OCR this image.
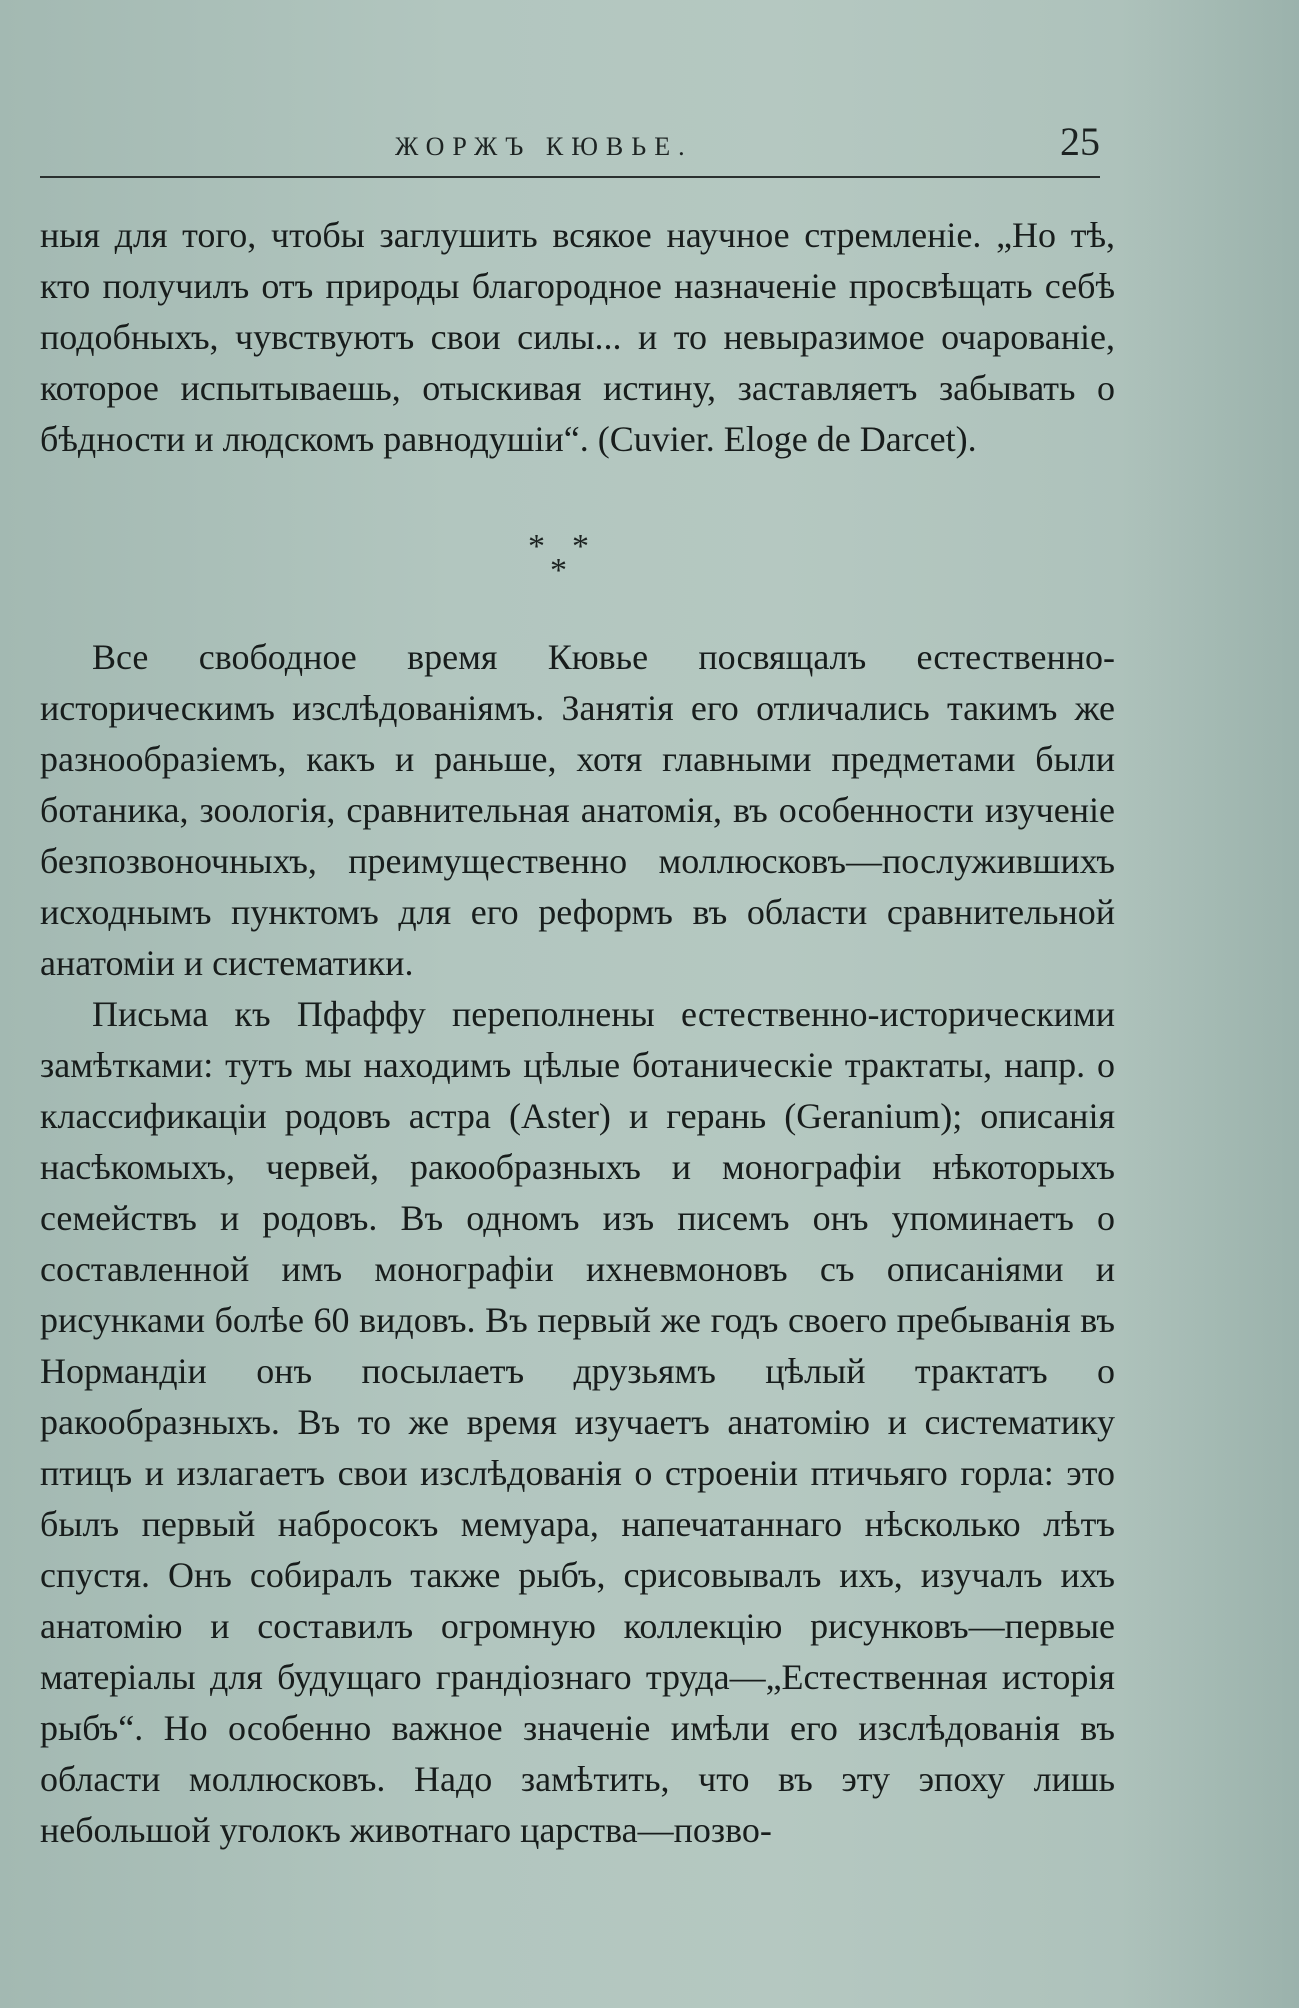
ЖОРЖЪ КЮВЬЕ.	25

ныя для того, чтобы заглушить всякое научное стремленіе. „Но тѣ, кто получилъ отъ природы благородное назначеніе просвѣщать себѣ подобныхъ, чувствуютъ свои силы... и то невыразимое очарованіе, которое испытываешь, отыскивая истину, заставляетъ забывать о бѣдности и людскомъ равнодушіи“. (Cuvier. Eloge de Darcet).

* *
*

Все свободное время Кювье посвящалъ естественно-историческимъ изслѣдованіямъ. Занятія его отличались такимъ же разнообразіемъ, какъ и раньше, хотя главными предметами были ботаника, зоологія, сравнительная анатомія, въ особенности изученіе безпозвоночныхъ, преимущественно моллюсковъ—послужившихъ исходнымъ пунктомъ для его реформъ въ области сравнительной анатоміи и систематики.

Письма къ Пфаффу переполнены естественно-историческими замѣтками: тутъ мы находимъ цѣлые ботаническіе трактаты, напр. о классификаціи родовъ астра (Aster) и герань (Geranium); описанія насѣкомыхъ, червей, ракообразныхъ и монографіи нѣкоторыхъ семействъ и родовъ. Въ одномъ изъ писемъ онъ упоминаетъ о составленной имъ монографіи ихневмоновъ съ описаніями и рисунками болѣе 60 видовъ. Въ первый же годъ своего пребыванія въ Нормандіи онъ посылаетъ друзьямъ цѣлый трактатъ о ракообразныхъ. Въ то же время изучаетъ анатомію и систематику птицъ и излагаетъ свои изслѣдованія о строеніи птичьяго горла: это былъ первый набросокъ мемуара, напечатаннаго нѣсколько лѣтъ спустя. Онъ собиралъ также рыбъ, срисовывалъ ихъ, изучалъ ихъ анатомію и составилъ огромную коллекцію рисунковъ—первые матеріалы для будущаго грандіознаго труда—„Естественная исторія рыбъ“. Но особенно важное значеніе имѣли его изслѣдованія въ области моллюсковъ. Надо замѣтить, что въ эту эпоху лишь небольшой уголокъ животнаго царства—позво-
